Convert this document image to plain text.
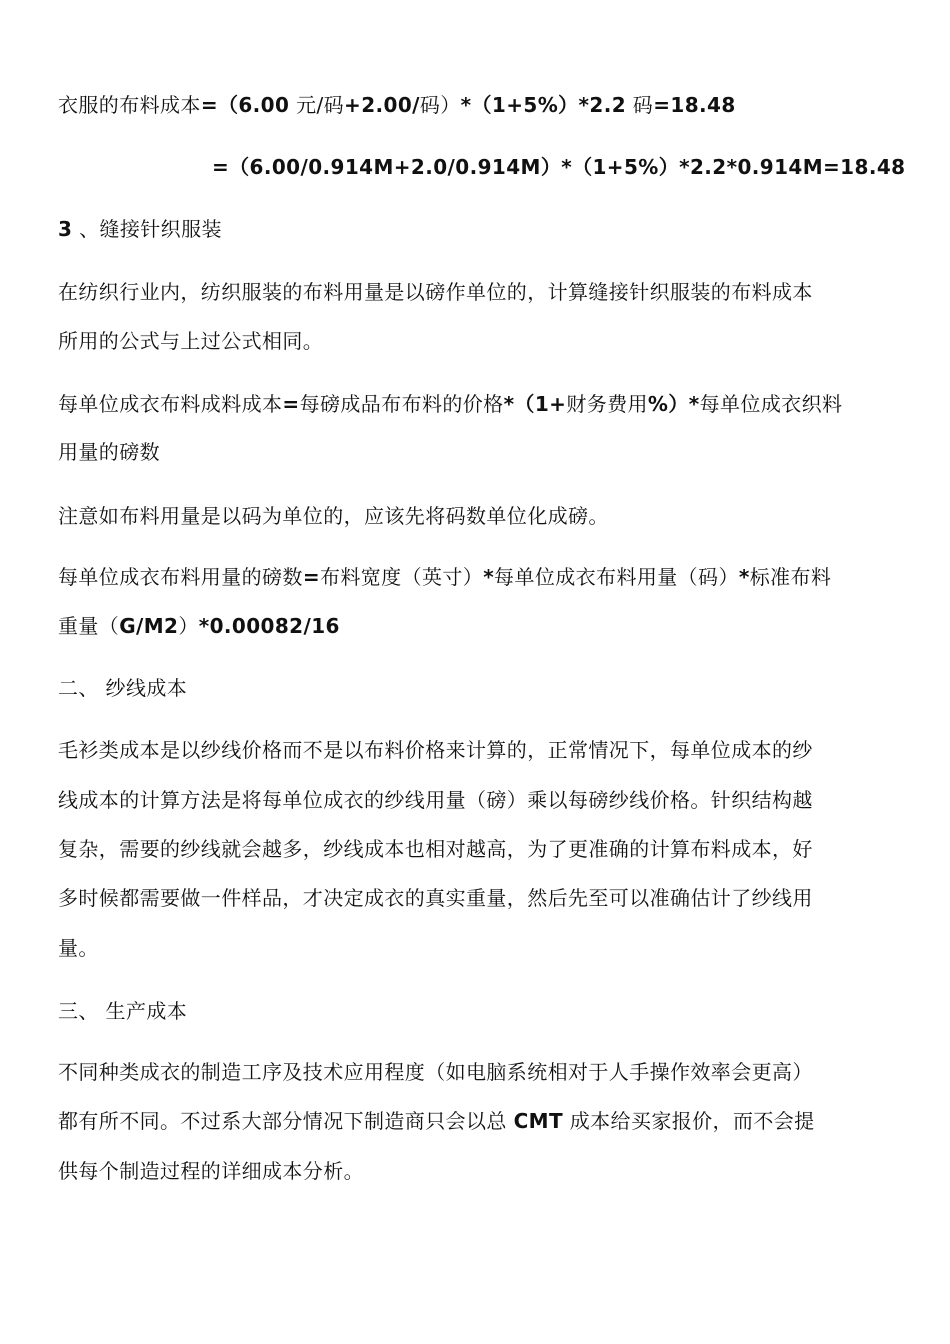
衣服的布料成本=（6.00 元/码+2.00/码）*（1+5%）*2.2 码=18.48
=（6.00/0.914M+2.0/0.914M）*（1+5%）*2.2*0.914M=18.48
3 、缝接针织服装
在纺织行业内，纺织服装的布料用量是以磅作单位的，计算缝接针织服装的布料成本
所用的公式与上过公式相同。
每单位成衣布料成料成本=每磅成品布布料的价格*（1+财务费用%）*每单位成衣织料
用量的磅数
注意如布料用量是以码为单位的，应该先将码数单位化成磅。
每单位成衣布料用量的磅数=布料宽度（英寸）*每单位成衣布料用量（码）*标准布料
重量（G/M2）*0.00082/16
二、 纱线成本
毛衫类成本是以纱线价格而不是以布料价格来计算的，正常情况下，每单位成本的纱
线成本的计算方法是将每单位成衣的纱线用量（磅）乘以每磅纱线价格。针织结构越
复杂，需要的纱线就会越多，纱线成本也相对越高，为了更准确的计算布料成本，好
多时候都需要做一件样品，才决定成衣的真实重量，然后先至可以准确估计了纱线用
量。
三、 生产成本
不同种类成衣的制造工序及技术应用程度（如电脑系统相对于人手操作效率会更高）
都有所不同。不过系大部分情况下制造商只会以总 CMT 成本给买家报价，而不会提
供每个制造过程的详细成本分析。
